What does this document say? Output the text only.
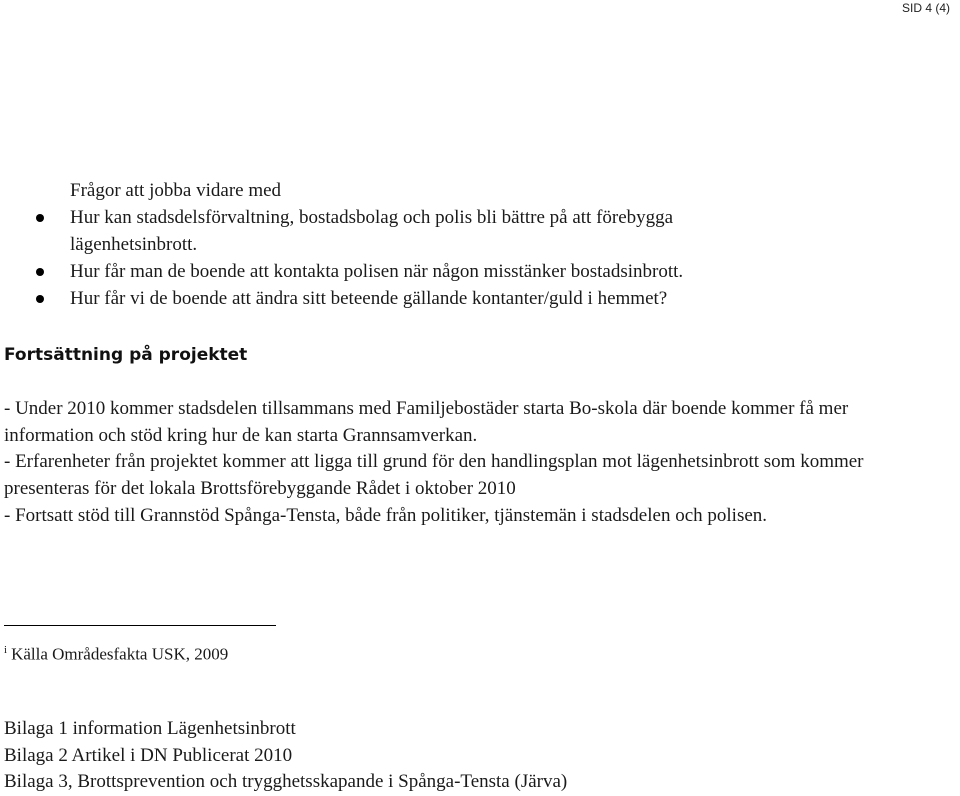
SID 4 (4)
Frågor att jobba vidare med
Hur kan stadsdelsförvaltning, bostadsbolag och polis bli bättre på att förebygga lägenhetsinbrott.
Hur får man de boende att kontakta polisen när någon misstänker bostadsinbrott.
Hur får vi de boende att ändra sitt beteende gällande kontanter/guld i hemmet?
Fortsättning på projektet

- Under 2010 kommer stadsdelen tillsammans med Familjebostäder starta Bo-skola där boende kommer få mer information och stöd kring hur de kan starta Grannsamverkan.

- Erfarenheter från projektet kommer att ligga till grund för den handlingsplan mot lägenhetsinbrott som kommer presenteras för det lokala Brottsförebyggande Rådet i oktober 2010

- Fortsatt stöd till Grannstöd Spånga-Tensta, både från politiker, tjänstemän i stadsdelen och polisen.

$^i$ Källa Områdesfakta USK, 2009

Bilaga 1 information Lägenhetsinbrott

Bilaga 2 Artikel i DN Publicerat 2010

Bilaga 3, Brottsprevention och trygghetsskapande i Spånga-Tensta (Järva)
